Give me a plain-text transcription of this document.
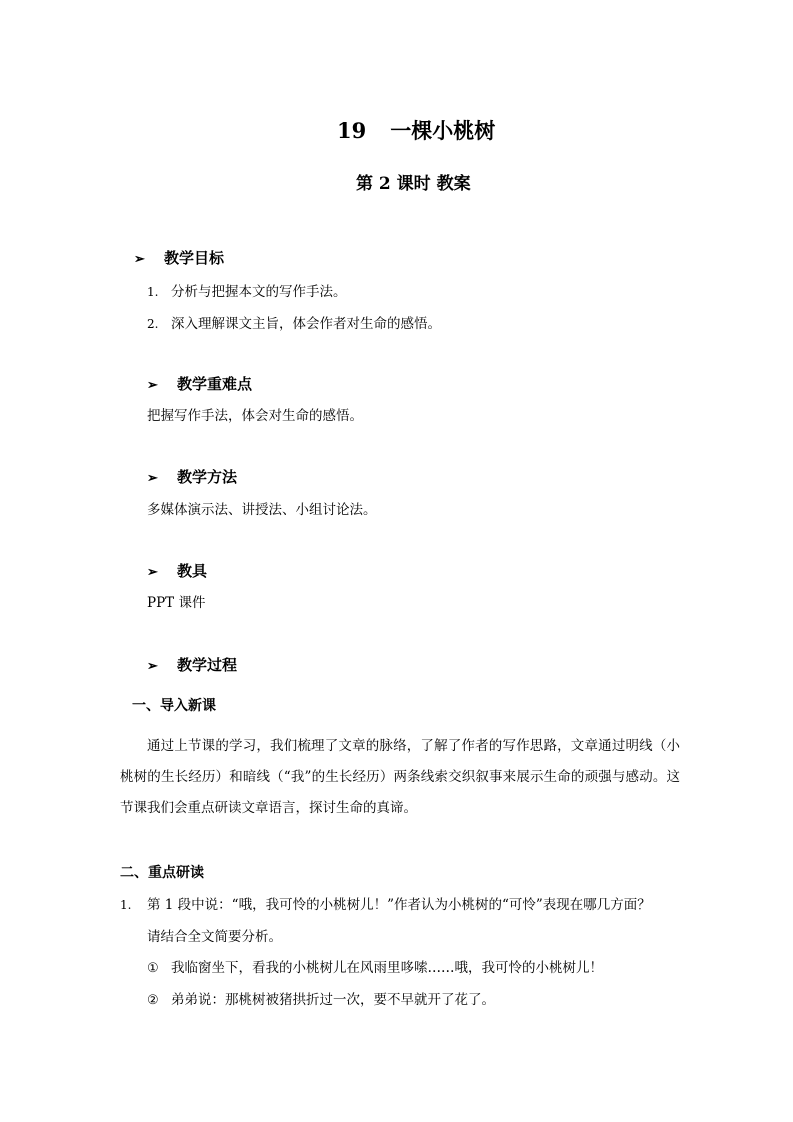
19 一棵小桃树
第 2 课时 教案
➢ 教学目标
1. 分析与把握本文的写作手法。
2. 深入理解课文主旨，体会作者对生命的感悟。
➢ 教学重难点
把握写作手法，体会对生命的感悟。
➢ 教学方法
多媒体演示法、讲授法、小组讨论法。
➢ 教具
PPT 课件
➢ 教学过程
一、导入新课
通过上节课的学习，我们梳理了文章的脉络，了解了作者的写作思路，文章通过明线（小桃树的生长经历）和暗线（“我”的生长经历）两条线索交织叙事来展示生命的顽强与感动。这节课我们会重点研读文章语言，探讨生命的真谛。
二、重点研读
1. 第 1 段中说：“哦，我可怜的小桃树儿！”作者认为小桃树的“可怜”表现在哪几方面？
请结合全文简要分析。
① 我临窗坐下，看我的小桃树儿在风雨里哆嗦……哦，我可怜的小桃树儿！
② 弟弟说：那桃树被猪拱折过一次，要不早就开了花了。
